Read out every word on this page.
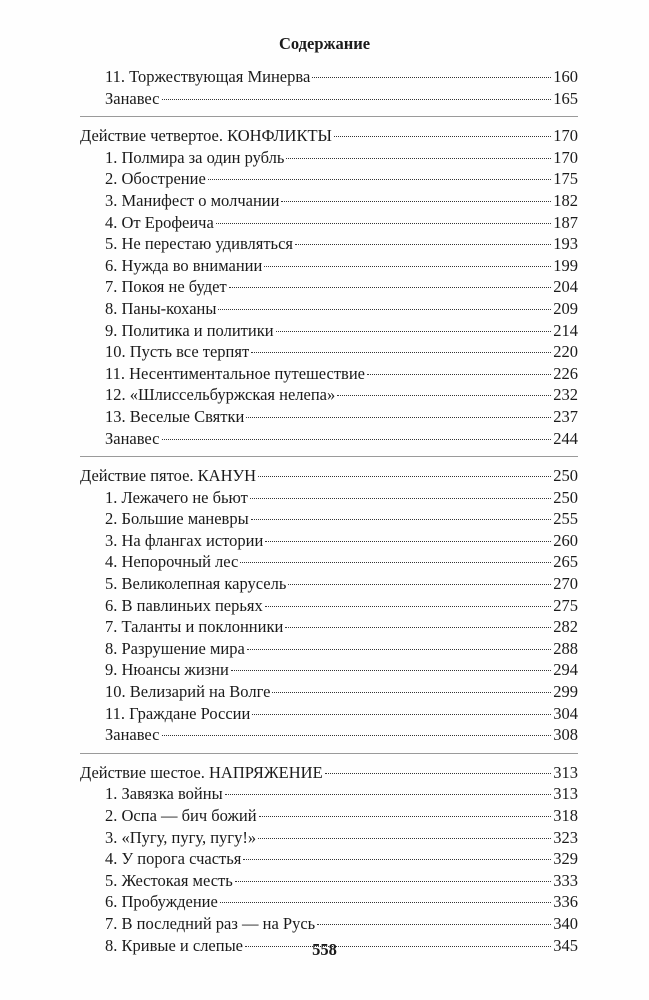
Содержание
11. Торжествующая Минерва	160
Занавес	165
Действие четвертое. КОНФЛИКТЫ	170
1. Полмира за один рубль	170
2. Обострение	175
3. Манифест о молчании	182
4. От Ерофеича	187
5. Не перестаю удивляться	193
6. Нужда во внимании	199
7. Покоя не будет	204
8. Паны-коханы	209
9. Политика и политики	214
10. Пусть все терпят	220
11. Несентиментальное путешествие	226
12. «Шлиссельбуржская нелепа»	232
13. Веселые Святки	237
Занавес	244
Действие пятое. КАНУН	250
1. Лежачего не бьют	250
2. Большие маневры	255
3. На флангах истории	260
4. Непорочный лес	265
5. Великолепная карусель	270
6. В павлиньих перьях	275
7. Таланты и поклонники	282
8. Разрушение мира	288
9. Нюансы жизни	294
10. Велизарий на Волге	299
11. Граждане России	304
Занавес	308
Действие шестое. НАПРЯЖЕНИЕ	313
1. Завязка войны	313
2. Оспа — бич божий	318
3. «Пугу, пугу, пугу!»	323
4. У порога счастья	329
5. Жестокая месть	333
6. Пробуждение	336
7. В последний раз — на Русь	340
8. Кривые и слепые	345
558
